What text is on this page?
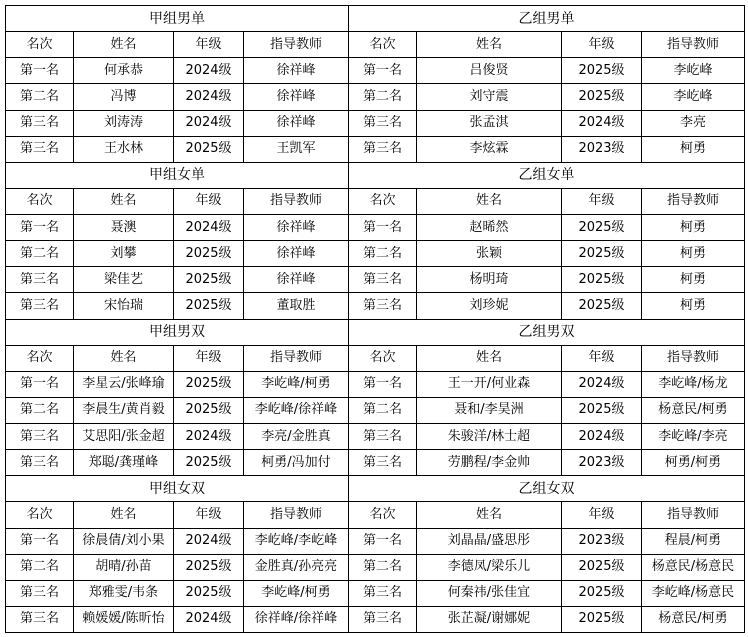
甲组男单				乙组男单			
名次	姓名	年级	指导教师	名次	姓名	年级	指导教师
第一名	何承恭	2024级	徐祥峰	第一名	吕俊贤	2025级	李屹峰
第二名	冯博	2024级	徐祥峰	第二名	刘守震	2025级	李屹峰
第三名	刘涛涛	2024级	徐祥峰	第三名	张孟淇	2024级	李亮
第三名	王水林	2025级	王凯军	第三名	李炫霖	2023级	柯勇
甲组女单				乙组女单			
名次	姓名	年级	指导教师	名次	姓名	年级	指导教师
第一名	聂澳	2024级	徐祥峰	第一名	赵晞然	2025级	柯勇
第二名	刘攀	2025级	徐祥峰	第二名	张颖	2025级	柯勇
第三名	梁佳艺	2025级	徐祥峰	第三名	杨明琦	2025级	柯勇
第三名	宋怡瑞	2025级	董取胜	第三名	刘珍妮	2025级	柯勇
甲组男双				乙组男双			
名次	姓名	年级	指导教师	名次	姓名	年级	指导教师
第一名	李星云/张峰瑜	2025级	李屹峰/柯勇	第一名	王一开/何业森	2024级	李屹峰/杨龙
第二名	李晨生/黄肖毅	2025级	李屹峰/徐祥峰	第二名	聂和/李昊洲	2025级	杨意民/柯勇
第三名	艾思阳/张金超	2024级	李亮/金胜真	第三名	朱骏洋/林士超	2024级	李屹峰/李亮
第三名	郑聪/龚瑾峰	2025级	柯勇/冯加付	第三名	劳鹏程/李金帅	2023级	柯勇/柯勇
甲组女双				乙组女双			
名次	姓名	年级	指导教师	名次	姓名	年级	指导教师
第一名	徐晨倩/刘小果	2024级	李屹峰/李屹峰	第一名	刘晶晶/盛思彤	2023级	程晨/柯勇
第二名	胡晴/孙苗	2025级	金胜真/孙亮亮	第二名	李德凤/梁乐儿	2025级	杨意民/杨意民
第三名	郑雅雯/韦条	2025级	李屹峰/柯勇	第三名	何秦祎/张佳宜	2025级	李屹峰/杨意民
第三名	赖媛媛/陈昕怡	2024级	徐祥峰/徐祥峰	第三名	张芷凝/谢娜妮	2025级	杨意民/柯勇
